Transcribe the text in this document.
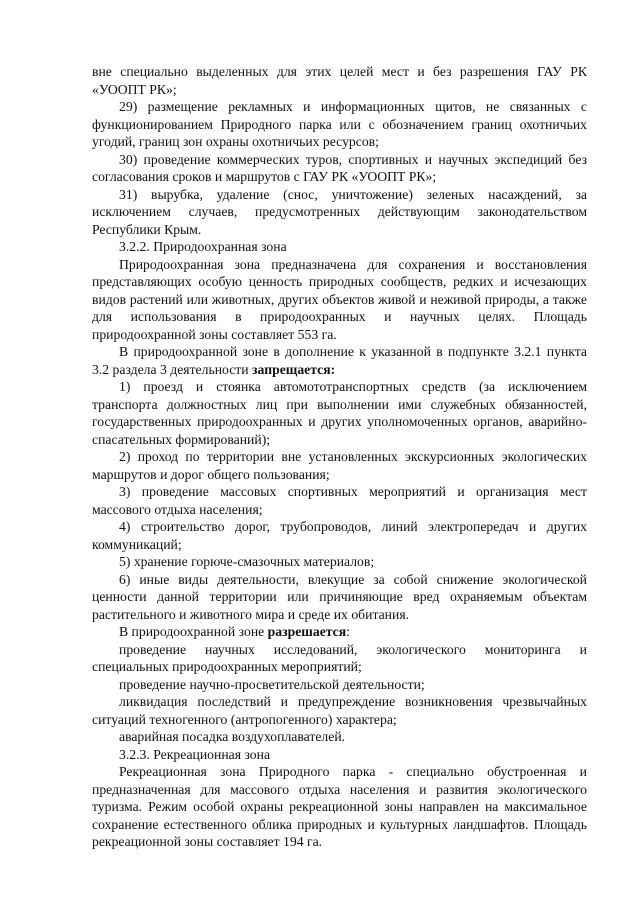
вне специально выделенных для этих целей мест и без разрешения ГАУ РК «УООПТ РК»;

29) размещение рекламных и информационных щитов, не связанных с функционированием Природного парка или с обозначением границ охотничьих угодий, границ зон охраны охотничьих ресурсов;

30) проведение коммерческих туров, спортивных и научных экспедиций без согласования сроков и маршрутов с ГАУ РК «УООПТ РК»;

31) вырубка, удаление (снос, уничтожение) зеленых насаждений, за исключением случаев, предусмотренных действующим законодательством Республики Крым.

3.2.2. Природоохранная зона

Природоохранная зона предназначена для сохранения и восстановления представляющих особую ценность природных сообществ, редких и исчезающих видов растений или животных, других объектов живой и неживой природы, а также для использования в природоохранных и научных целях. Площадь природоохранной зоны составляет 553 га.

В природоохранной зоне в дополнение к указанной в подпункте 3.2.1 пункта 3.2 раздела 3 деятельности запрещается:

1) проезд и стоянка автомототранспортных средств (за исключением транспорта должностных лиц при выполнении ими служебных обязанностей, государственных природоохранных и других уполномоченных органов, аварийно-спасательных формирований);

2) проход по территории вне установленных экскурсионных экологических маршрутов и дорог общего пользования;

3) проведение массовых спортивных мероприятий и организация мест массового отдыха населения;

4) строительство дорог, трубопроводов, линий электропередач и других коммуникаций;

5) хранение горюче-смазочных материалов;

6) иные виды деятельности, влекущие за собой снижение экологической ценности данной территории или причиняющие вред охраняемым объектам растительного и животного мира и среде их обитания.

В природоохранной зоне разрешается:

проведение научных исследований, экологического мониторинга и специальных природоохранных мероприятий;

проведение научно-просветительской деятельности;

ликвидация последствий и предупреждение возникновения чрезвычайных ситуаций техногенного (антропогенного) характера;

аварийная посадка воздухоплавателей.

3.2.3. Рекреационная зона

Рекреационная зона Природного парка - специально обустроенная и предназначенная для массового отдыха населения и развития экологического туризма. Режим особой охраны рекреационной зоны направлен на максимальное сохранение естественного облика природных и культурных ландшафтов. Площадь рекреационной зоны составляет 194 га.
